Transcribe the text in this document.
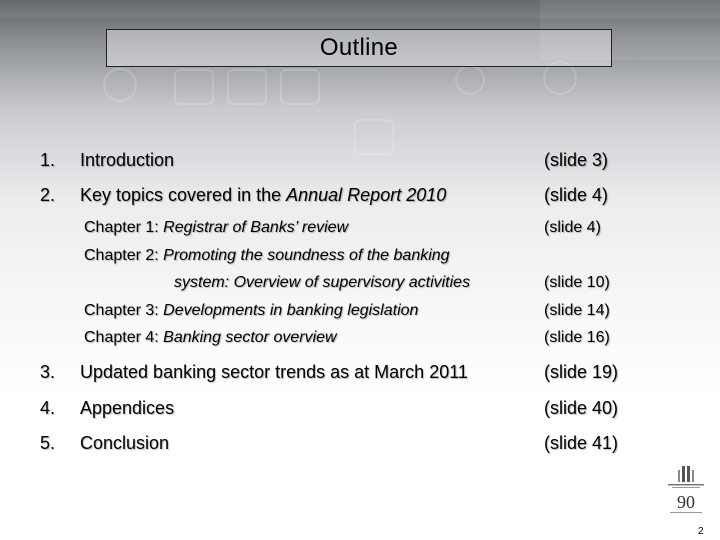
Outline
1. Introduction	(slide 3)
2. Key topics covered in the Annual Report 2010	(slide 4)
Chapter 1: Registrar of Banks’ review	(slide 4)
Chapter 2: Promoting the soundness of the banking
system: Overview of supervisory activities	(slide 10)
Chapter 3: Developments in banking legislation	(slide 14)
Chapter 4: Banking sector overview	(slide 16)
3. Updated banking sector trends as at March 2011	(slide 19)
4. Appendices	(slide 40)
5. Conclusion	(slide 41)
90
2
